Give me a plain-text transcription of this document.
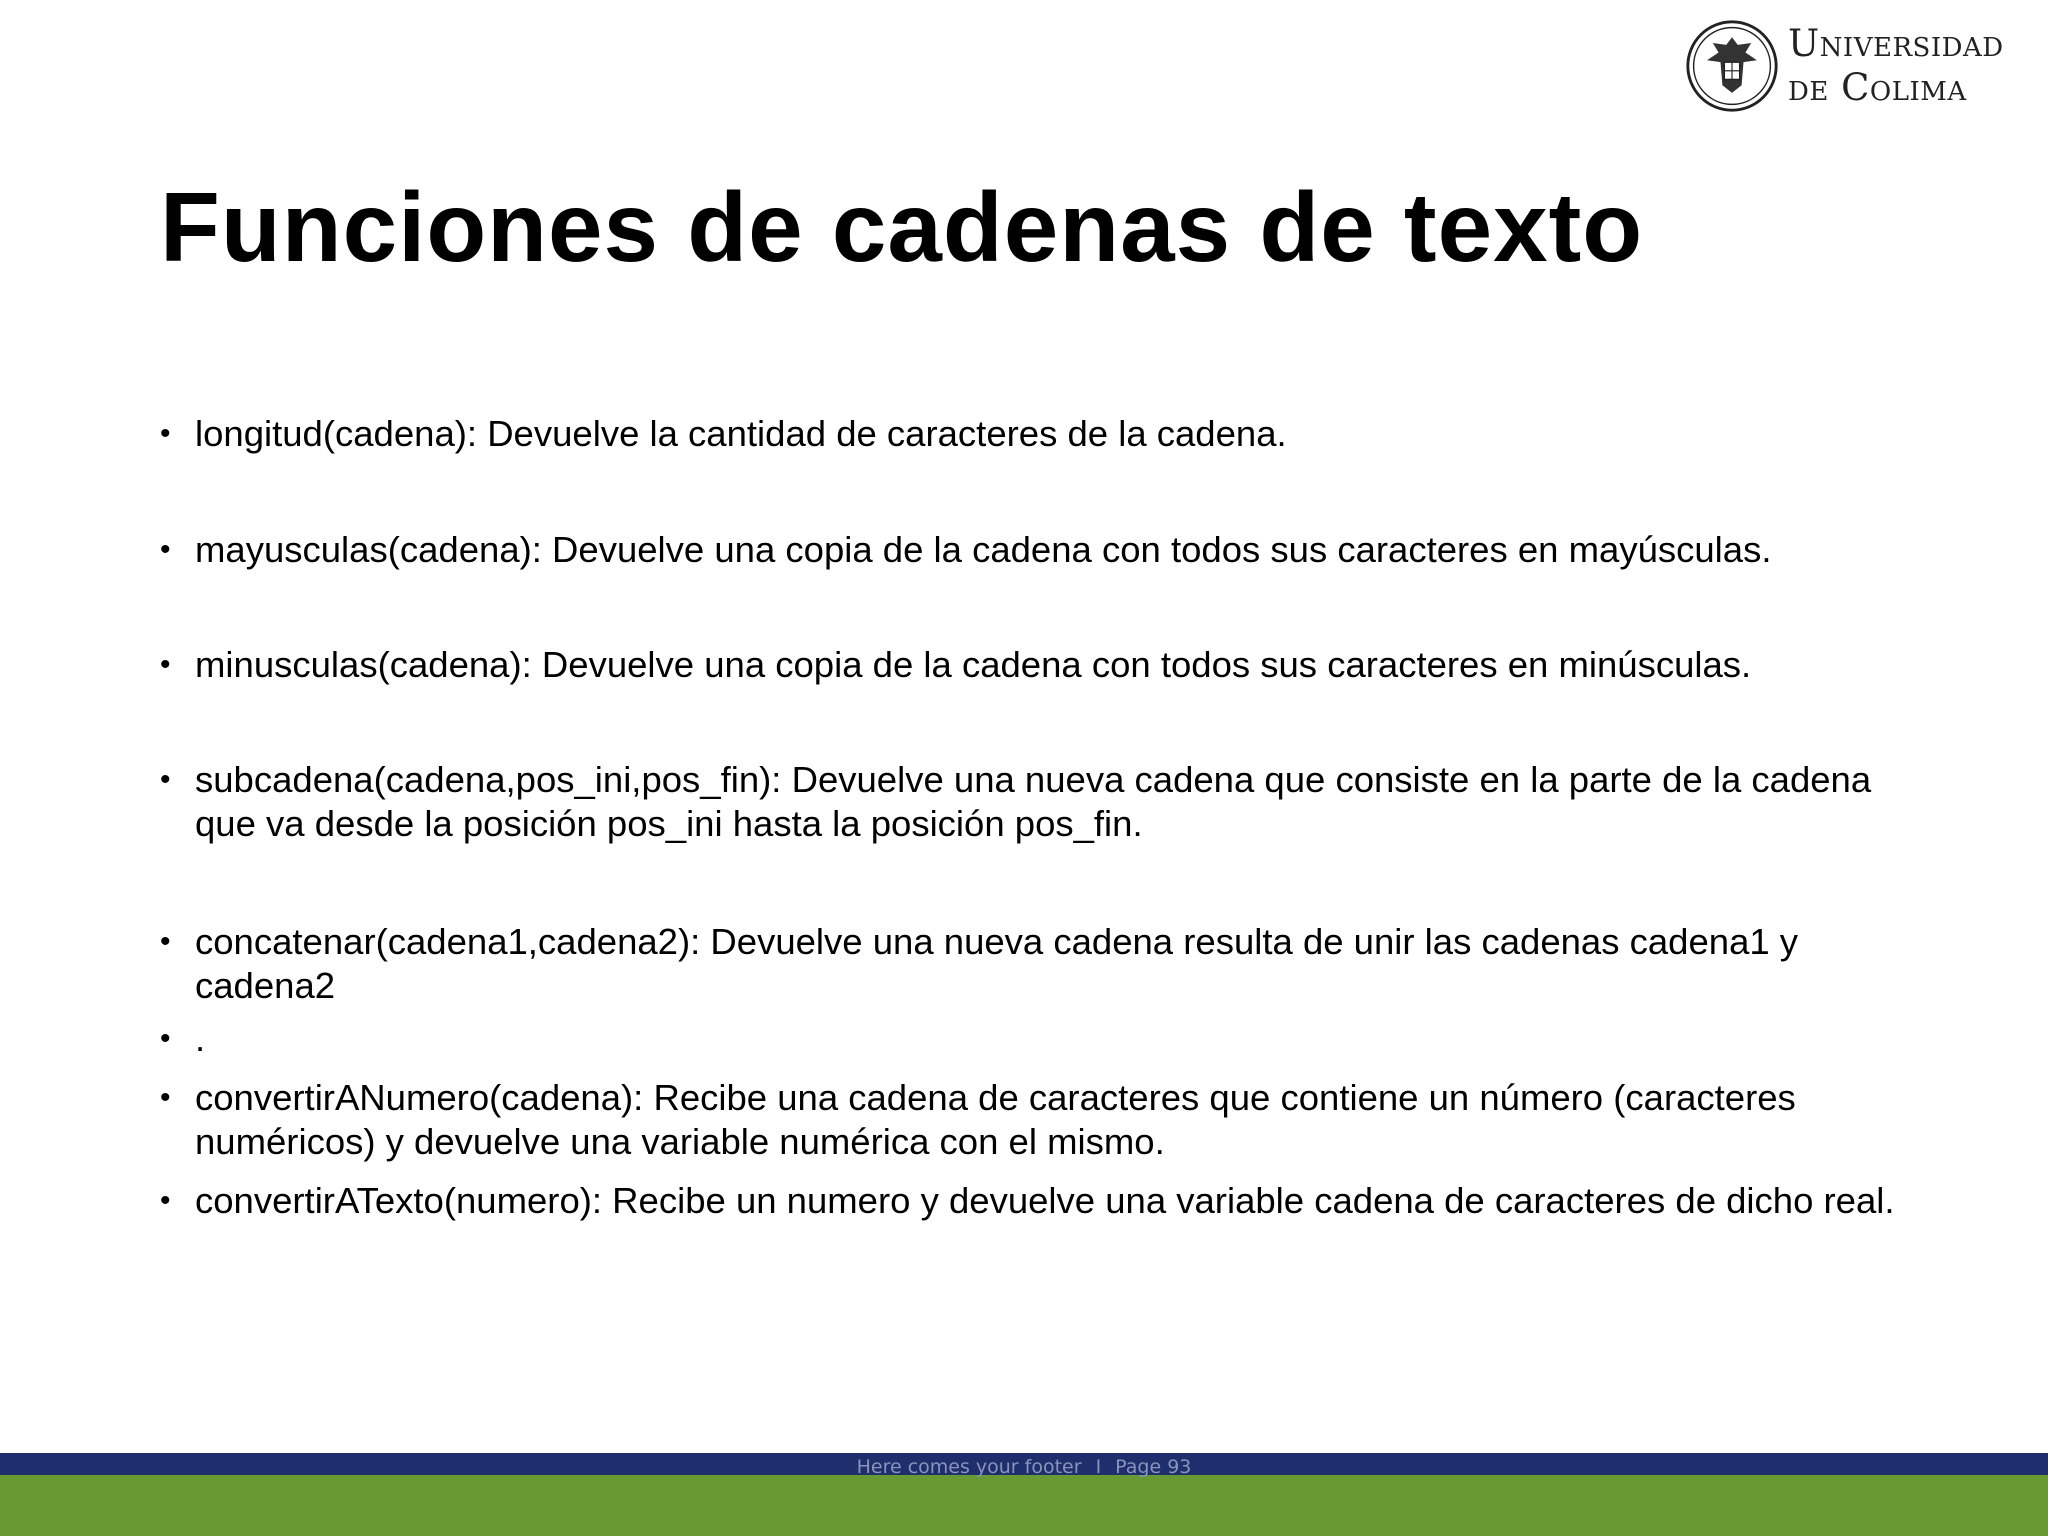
Universidad
de Colima
Funciones de cadenas de texto
• longitud(cadena): Devuelve la cantidad de caracteres de la cadena.
• mayusculas(cadena): Devuelve una copia de la cadena con todos sus caracteres en mayúsculas.
• minusculas(cadena): Devuelve una copia de la cadena con todos sus caracteres en minúsculas.
• subcadena(cadena,pos_ini,pos_fin): Devuelve una nueva cadena que consiste en la parte de la cadena que va desde la posición pos_ini hasta la posición pos_fin.
• concatenar(cadena1,cadena2): Devuelve una nueva cadena resulta de unir las cadenas cadena1 y cadena2
• .
• convertirANumero(cadena): Recibe una cadena de caracteres que contiene un número (caracteres numéricos) y devuelve una variable numérica con el mismo.
• convertirATexto(numero): Recibe un numero y devuelve una variable cadena de caracteres de dicho real.
Here comes your footer I Page 93
